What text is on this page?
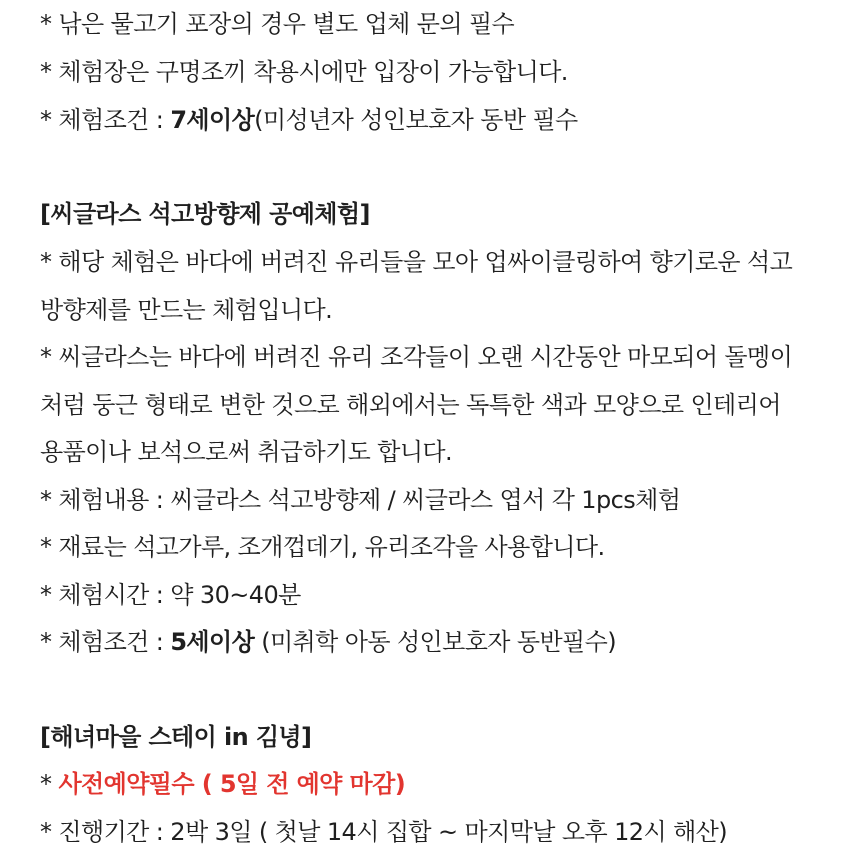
* 낚은 물고기 포장의 경우 별도 업체 문의 필수
* 체험장은 구명조끼 착용시에만 입장이 가능합니다.
* 체험조건 : 7세이상(미성년자 성인보호자 동반 필수
[씨글라스 석고방향제 공예체험]
* 해당 체험은 바다에 버려진 유리들을 모아 업싸이클링하여 향기로운 석고
방향제를 만드는 체험입니다.
* 씨글라스는 바다에 버려진 유리 조각들이 오랜 시간동안 마모되어 돌멩이
처럼 둥근 형태로 변한 것으로 해외에서는 독특한 색과 모양으로 인테리어
용품이나 보석으로써 취급하기도 합니다.
* 체험내용 : 씨글라스 석고방향제 / 씨글라스 엽서 각 1pcs체험
* 재료는 석고가루, 조개껍데기, 유리조각을 사용합니다.
* 체험시간 : 약 30~40분
* 체험조건 : 5세이상 (미취학 아동 성인보호자 동반필수)
[해녀마을 스테이 in 김녕]
* 사전예약필수 ( 5일 전 예약 마감)
* 진행기간 : 2박 3일 ( 첫날 14시 집합 ~ 마지막날 오후 12시 해산)
